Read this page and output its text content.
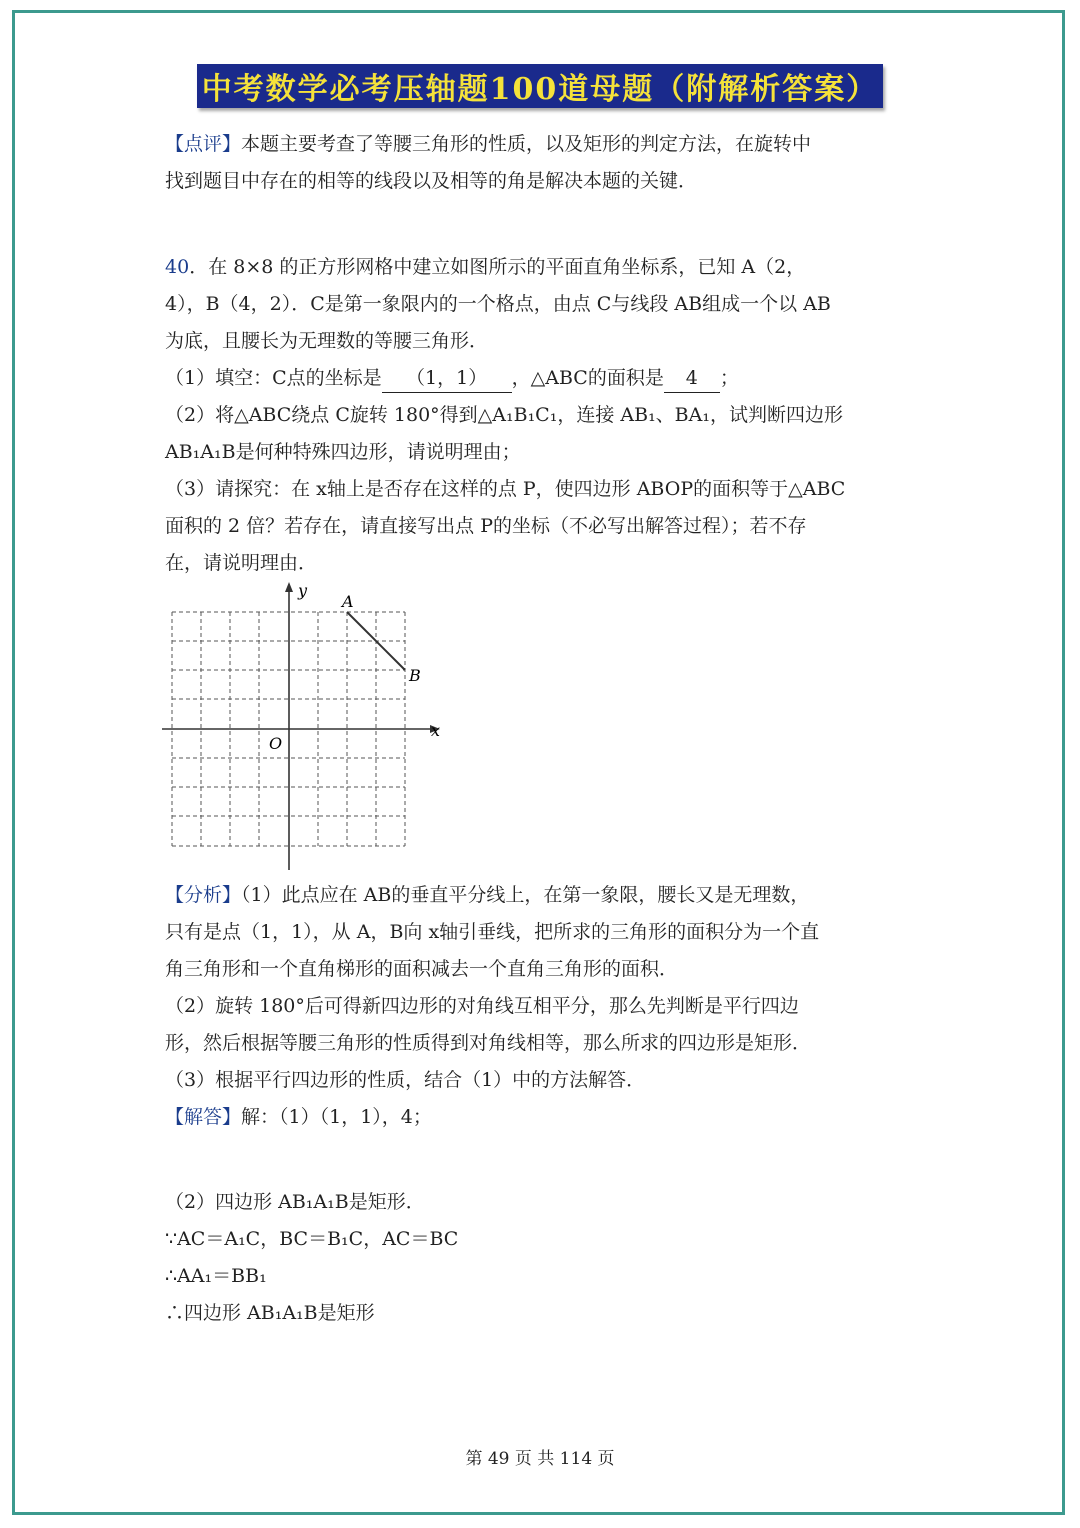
中考数学必考压轴题100道母题（附解析答案）
【点评】本题主要考查了等腰三角形的性质，以及矩形的判定方法，在旋转中
找到题目中存在的相等的线段以及相等的角是解决本题的关键．
40．在 8×8 的正方形网格中建立如图所示的平面直角坐标系，已知 A（2，
4），B（4，2）．C是第一象限内的一个格点，由点 C与线段 AB组成一个以 AB
为底，且腰长为无理数的等腰三角形．
（1）填空：C点的坐标是 （1，1） ，△ABC的面积是 4 ；
（2）将△ABC绕点 C旋转 180°得到△A₁B₁C₁，连接 AB₁、BA₁，试判断四边形
AB₁A₁B是何种特殊四边形，请说明理由；
（3）请探究：在 x轴上是否存在这样的点 P，使四边形 ABOP的面积等于△ABC
面积的 2 倍？若存在，请直接写出点 P的坐标（不必写出解答过程）；若不存
在，请说明理由．
A
B
O
x
y
【分析】（1）此点应在 AB的垂直平分线上，在第一象限，腰长又是无理数，
只有是点（1，1），从 A，B向 x轴引垂线，把所求的三角形的面积分为一个直
角三角形和一个直角梯形的面积减去一个直角三角形的面积．
（2）旋转 180°后可得新四边形的对角线互相平分，那么先判断是平行四边
形，然后根据等腰三角形的性质得到对角线相等，那么所求的四边形是矩形．
（3）根据平行四边形的性质，结合（1）中的方法解答．
【解答】解：（1）（1，1），4；
（2）四边形 AB₁A₁B是矩形．
∵AC＝A₁C，BC＝B₁C，AC＝BC
∴AA₁＝BB₁
∴四边形 AB₁A₁B是矩形
第 49 页 共 114 页
